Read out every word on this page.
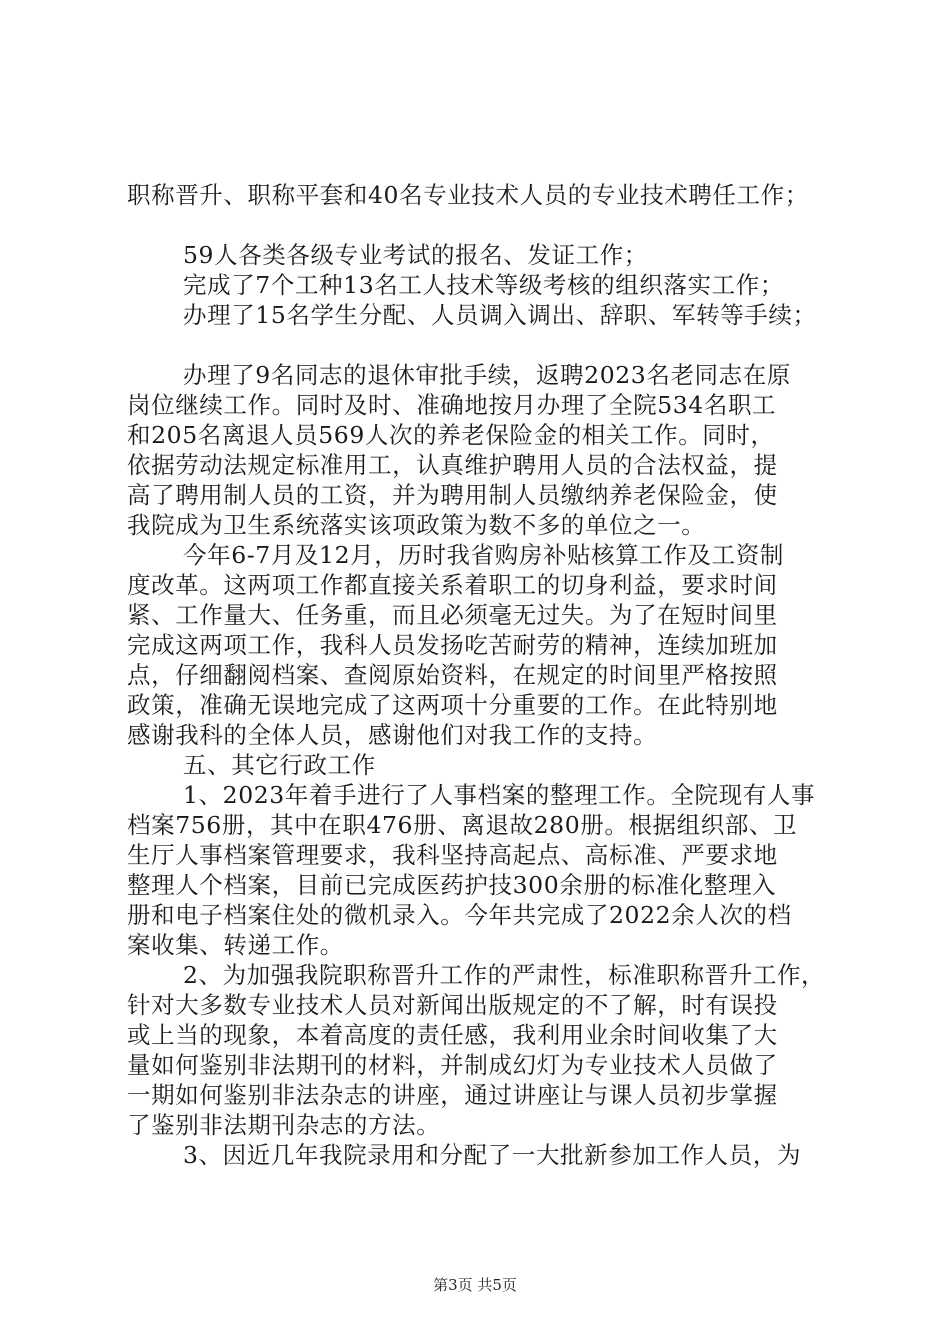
职称晋升、职称平套和40名专业技术人员的专业技术聘任工作；
59人各类各级专业考试的报名、发证工作；
完成了7个工种13名工人技术等级考核的组织落实工作；
办理了15名学生分配、人员调入调出、辞职、军转等手续；
办理了9名同志的退休审批手续，返聘2023名老同志在原
岗位继续工作。同时及时、准确地按月办理了全院534名职工
和205名离退人员569人次的养老保险金的相关工作。同时，
依据劳动法规定标准用工，认真维护聘用人员的合法权益，提
高了聘用制人员的工资，并为聘用制人员缴纳养老保险金，使
我院成为卫生系统落实该项政策为数不多的单位之一。
今年6-7月及12月，历时我省购房补贴核算工作及工资制
度改革。这两项工作都直接关系着职工的切身利益，要求时间
紧、工作量大、任务重，而且必须毫无过失。为了在短时间里
完成这两项工作，我科人员发扬吃苦耐劳的精神，连续加班加
点，仔细翻阅档案、查阅原始资料，在规定的时间里严格按照
政策，准确无误地完成了这两项十分重要的工作。在此特别地
感谢我科的全体人员，感谢他们对我工作的支持。
五、其它行政工作
1、2023年着手进行了人事档案的整理工作。全院现有人事
档案756册，其中在职476册、离退故280册。根据组织部、卫
生厅人事档案管理要求，我科坚持高起点、高标准、严要求地
整理人个档案，目前已完成医药护技300余册的标准化整理入
册和电子档案住处的微机录入。今年共完成了2022余人次的档
案收集、转递工作。
2、为加强我院职称晋升工作的严肃性，标准职称晋升工作，
针对大多数专业技术人员对新闻出版规定的不了解，时有误投
或上当的现象，本着高度的责任感，我利用业余时间收集了大
量如何鉴别非法期刊的材料，并制成幻灯为专业技术人员做了
一期如何鉴别非法杂志的讲座，通过讲座让与课人员初步掌握
了鉴别非法期刊杂志的方法。
3、因近几年我院录用和分配了一大批新参加工作人员，为
第3页 共5页
